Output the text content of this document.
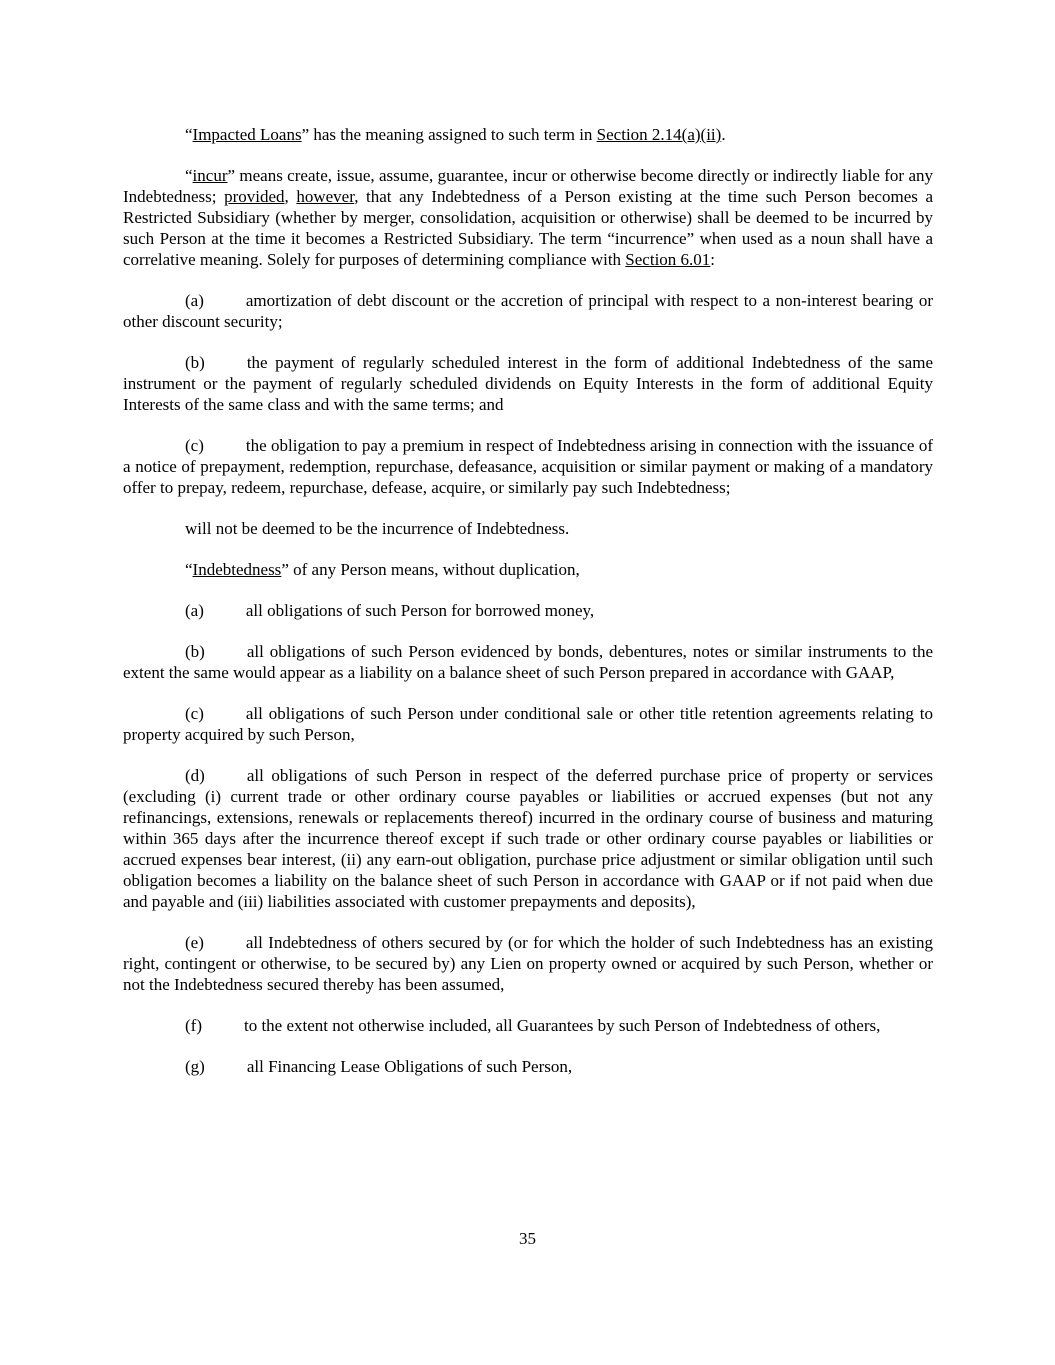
“Impacted Loans” has the meaning assigned to such term in Section 2.14(a)(ii).

“incur” means create, issue, assume, guarantee, incur or otherwise become directly or indirectly liable for any Indebtedness; provided, however, that any Indebtedness of a Person existing at the time such Person becomes a Restricted Subsidiary (whether by merger, consolidation, acquisition or otherwise) shall be deemed to be incurred by such Person at the time it becomes a Restricted Subsidiary. The term “incurrence” when used as a noun shall have a correlative meaning. Solely for purposes of determining compliance with Section 6.01:

(a) amortization of debt discount or the accretion of principal with respect to a non-interest bearing or other discount security;

(b) the payment of regularly scheduled interest in the form of additional Indebtedness of the same instrument or the payment of regularly scheduled dividends on Equity Interests in the form of additional Equity Interests of the same class and with the same terms; and

(c) the obligation to pay a premium in respect of Indebtedness arising in connection with the issuance of a notice of prepayment, redemption, repurchase, defeasance, acquisition or similar payment or making of a mandatory offer to prepay, redeem, repurchase, defease, acquire, or similarly pay such Indebtedness;

will not be deemed to be the incurrence of Indebtedness.

“Indebtedness” of any Person means, without duplication,

(a) all obligations of such Person for borrowed money,

(b) all obligations of such Person evidenced by bonds, debentures, notes or similar instruments to the extent the same would appear as a liability on a balance sheet of such Person prepared in accordance with GAAP,

(c) all obligations of such Person under conditional sale or other title retention agreements relating to property acquired by such Person,

(d) all obligations of such Person in respect of the deferred purchase price of property or services (excluding (i) current trade or other ordinary course payables or liabilities or accrued expenses (but not any refinancings, extensions, renewals or replacements thereof) incurred in the ordinary course of business and maturing within 365 days after the incurrence thereof except if such trade or other ordinary course payables or liabilities or accrued expenses bear interest, (ii) any earn-out obligation, purchase price adjustment or similar obligation until such obligation becomes a liability on the balance sheet of such Person in accordance with GAAP or if not paid when due and payable and (iii) liabilities associated with customer prepayments and deposits),

(e) all Indebtedness of others secured by (or for which the holder of such Indebtedness has an existing right, contingent or otherwise, to be secured by) any Lien on property owned or acquired by such Person, whether or not the Indebtedness secured thereby has been assumed,

(f) to the extent not otherwise included, all Guarantees by such Person of Indebtedness of others,

(g) all Financing Lease Obligations of such Person,

35
